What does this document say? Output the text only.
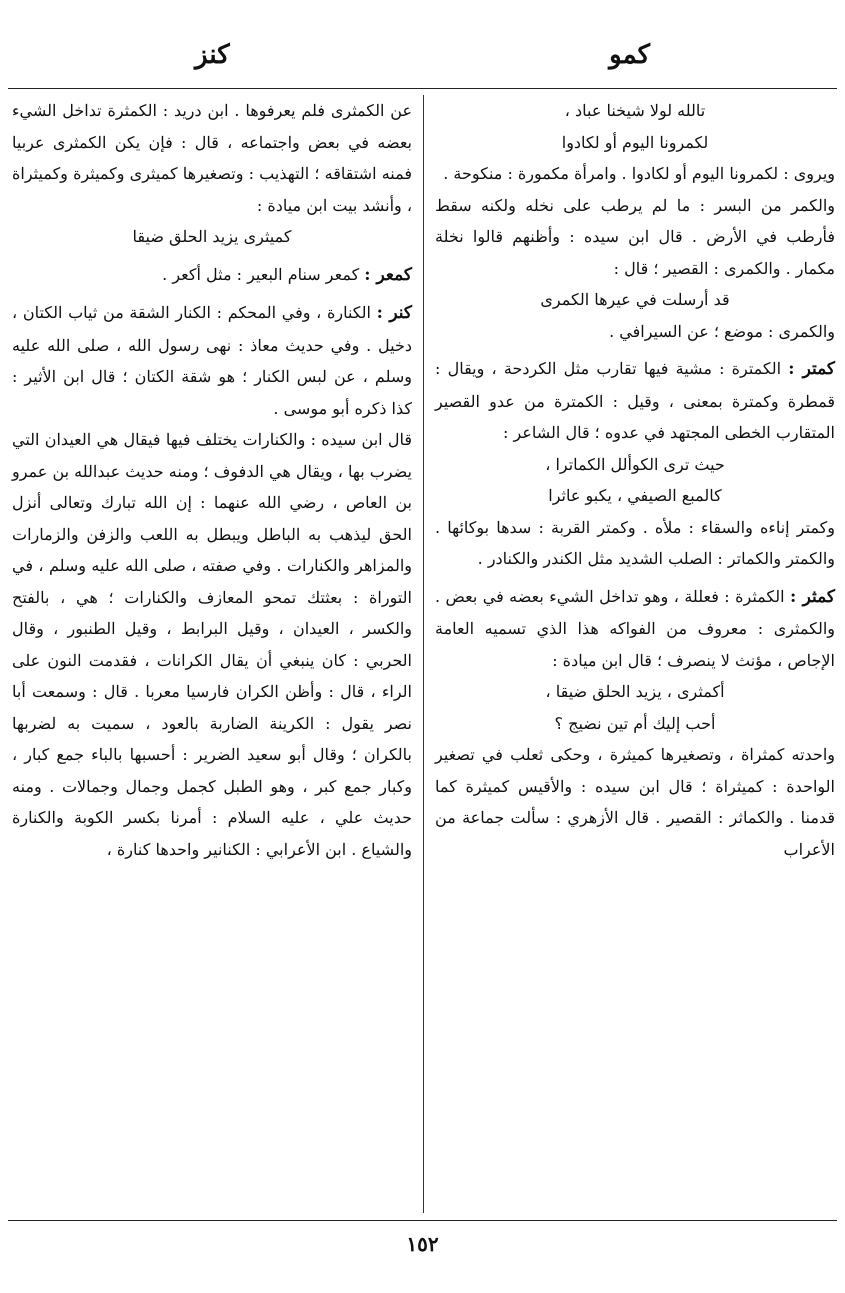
كمو
كنز

تالله لولا شيخنا عباد ،

لكمرونا اليوم أو لكادوا

ويروى : لكمرونا اليوم أو لكادوا . وامرأة مكمورة : منكوحة .

والكمر من البسر : ما لم يرطب على نخله ولكنه سقط فأرطب في الأرض . قال ابن سيده : وأظنهم قالوا نخلة مكمار . والكمرى : القصير ؛ قال :

قد أرسلت في عيرها الكمرى

والكمرى : موضع ؛ عن السيرافي .

كمتر : الكمترة : مشية فيها تقارب مثل الكردحة ، ويقال : قمطرة وكمترة بمعنى ، وقيل : الكمترة من عدو القصير المتقارب الخطى المجتهد في عدوه ؛ قال الشاعر :

حيث ترى الكوألل الكماترا ،

كالمبع الصيفي ، يكبو عاثرا

وكمتر إناءه والسقاء : ملأه . وكمتر القربة : سدها بوكائها . والكمتر والكماتر : الصلب الشديد مثل الكندر والكنادر .

كمثر : الكمثرة : فعللة ، وهو تداخل الشيء بعضه في بعض . والكمثرى : معروف من الفواكه هذا الذي تسميه العامة الإجاص ، مؤنث لا ينصرف ؛ قال ابن ميادة :

أكمثرى ، يزيد الحلق ضيقا ،

أحب إليك أم تين نضيج ؟

واحدته كمثراة ، وتصغيرها كميثرة ، وحكى ثعلب في تصغير الواحدة : كميثراة ؛ قال ابن سيده : والأقيس كميثرة كما قدمنا . والكماثر : القصير . قال الأزهري : سألت جماعة من الأعراب

عن الكمثرى فلم يعرفوها . ابن دريد : الكمثرة تداخل الشيء بعضه في بعض واجتماعه ، قال : فإن يكن الكمثرى عربيا فمنه اشتقاقه ؛ التهذيب : وتصغيرها كميثرى وكميثرة وكميثراة ، وأنشد بيت ابن ميادة :

كميثرى يزيد الحلق ضيقا

كمعر : كمعر سنام البعير : مثل أكعر .

كنر : الكنارة ، وفي المحكم : الكنار الشقة من ثياب الكتان ، دخيل . وفي حديث معاذ : نهى رسول الله ، صلى الله عليه وسلم ، عن لبس الكنار ؛ هو شقة الكتان ؛ قال ابن الأثير : كذا ذكره أبو موسى .

قال ابن سيده : والكنارات يختلف فيها فيقال هي العيدان التي يضرب بها ، ويقال هي الدفوف ؛ ومنه حديث عبدالله بن عمرو بن العاص ، رضي الله عنهما : إن الله تبارك وتعالى أنزل الحق ليذهب به الباطل ويبطل به اللعب والزفن والزمارات والمزاهر والكنارات . وفي صفته ، صلى الله عليه وسلم ، في التوراة : بعثتك تمحو المعازف والكنارات ؛ هي ، بالفتح والكسر ، العيدان ، وقيل البرابط ، وقيل الطنبور ، وقال الحربي : كان ينبغي أن يقال الكرانات ، فقدمت النون على الراء ، قال : وأظن الكران فارسيا معربا . قال : وسمعت أبا نصر يقول : الكرينة الضاربة بالعود ، سميت به لضربها بالكران ؛ وقال أبو سعيد الضرير : أحسبها بالباء جمع كبار ، وكبار جمع كبر ، وهو الطبل كجمل وجمال وجمالات . ومنه حديث علي ، عليه السلام : أمرنا بكسر الكوبة والكنارة والشياع . ابن الأعرابي : الكنانير واحدها كنارة ،

١٥٢
